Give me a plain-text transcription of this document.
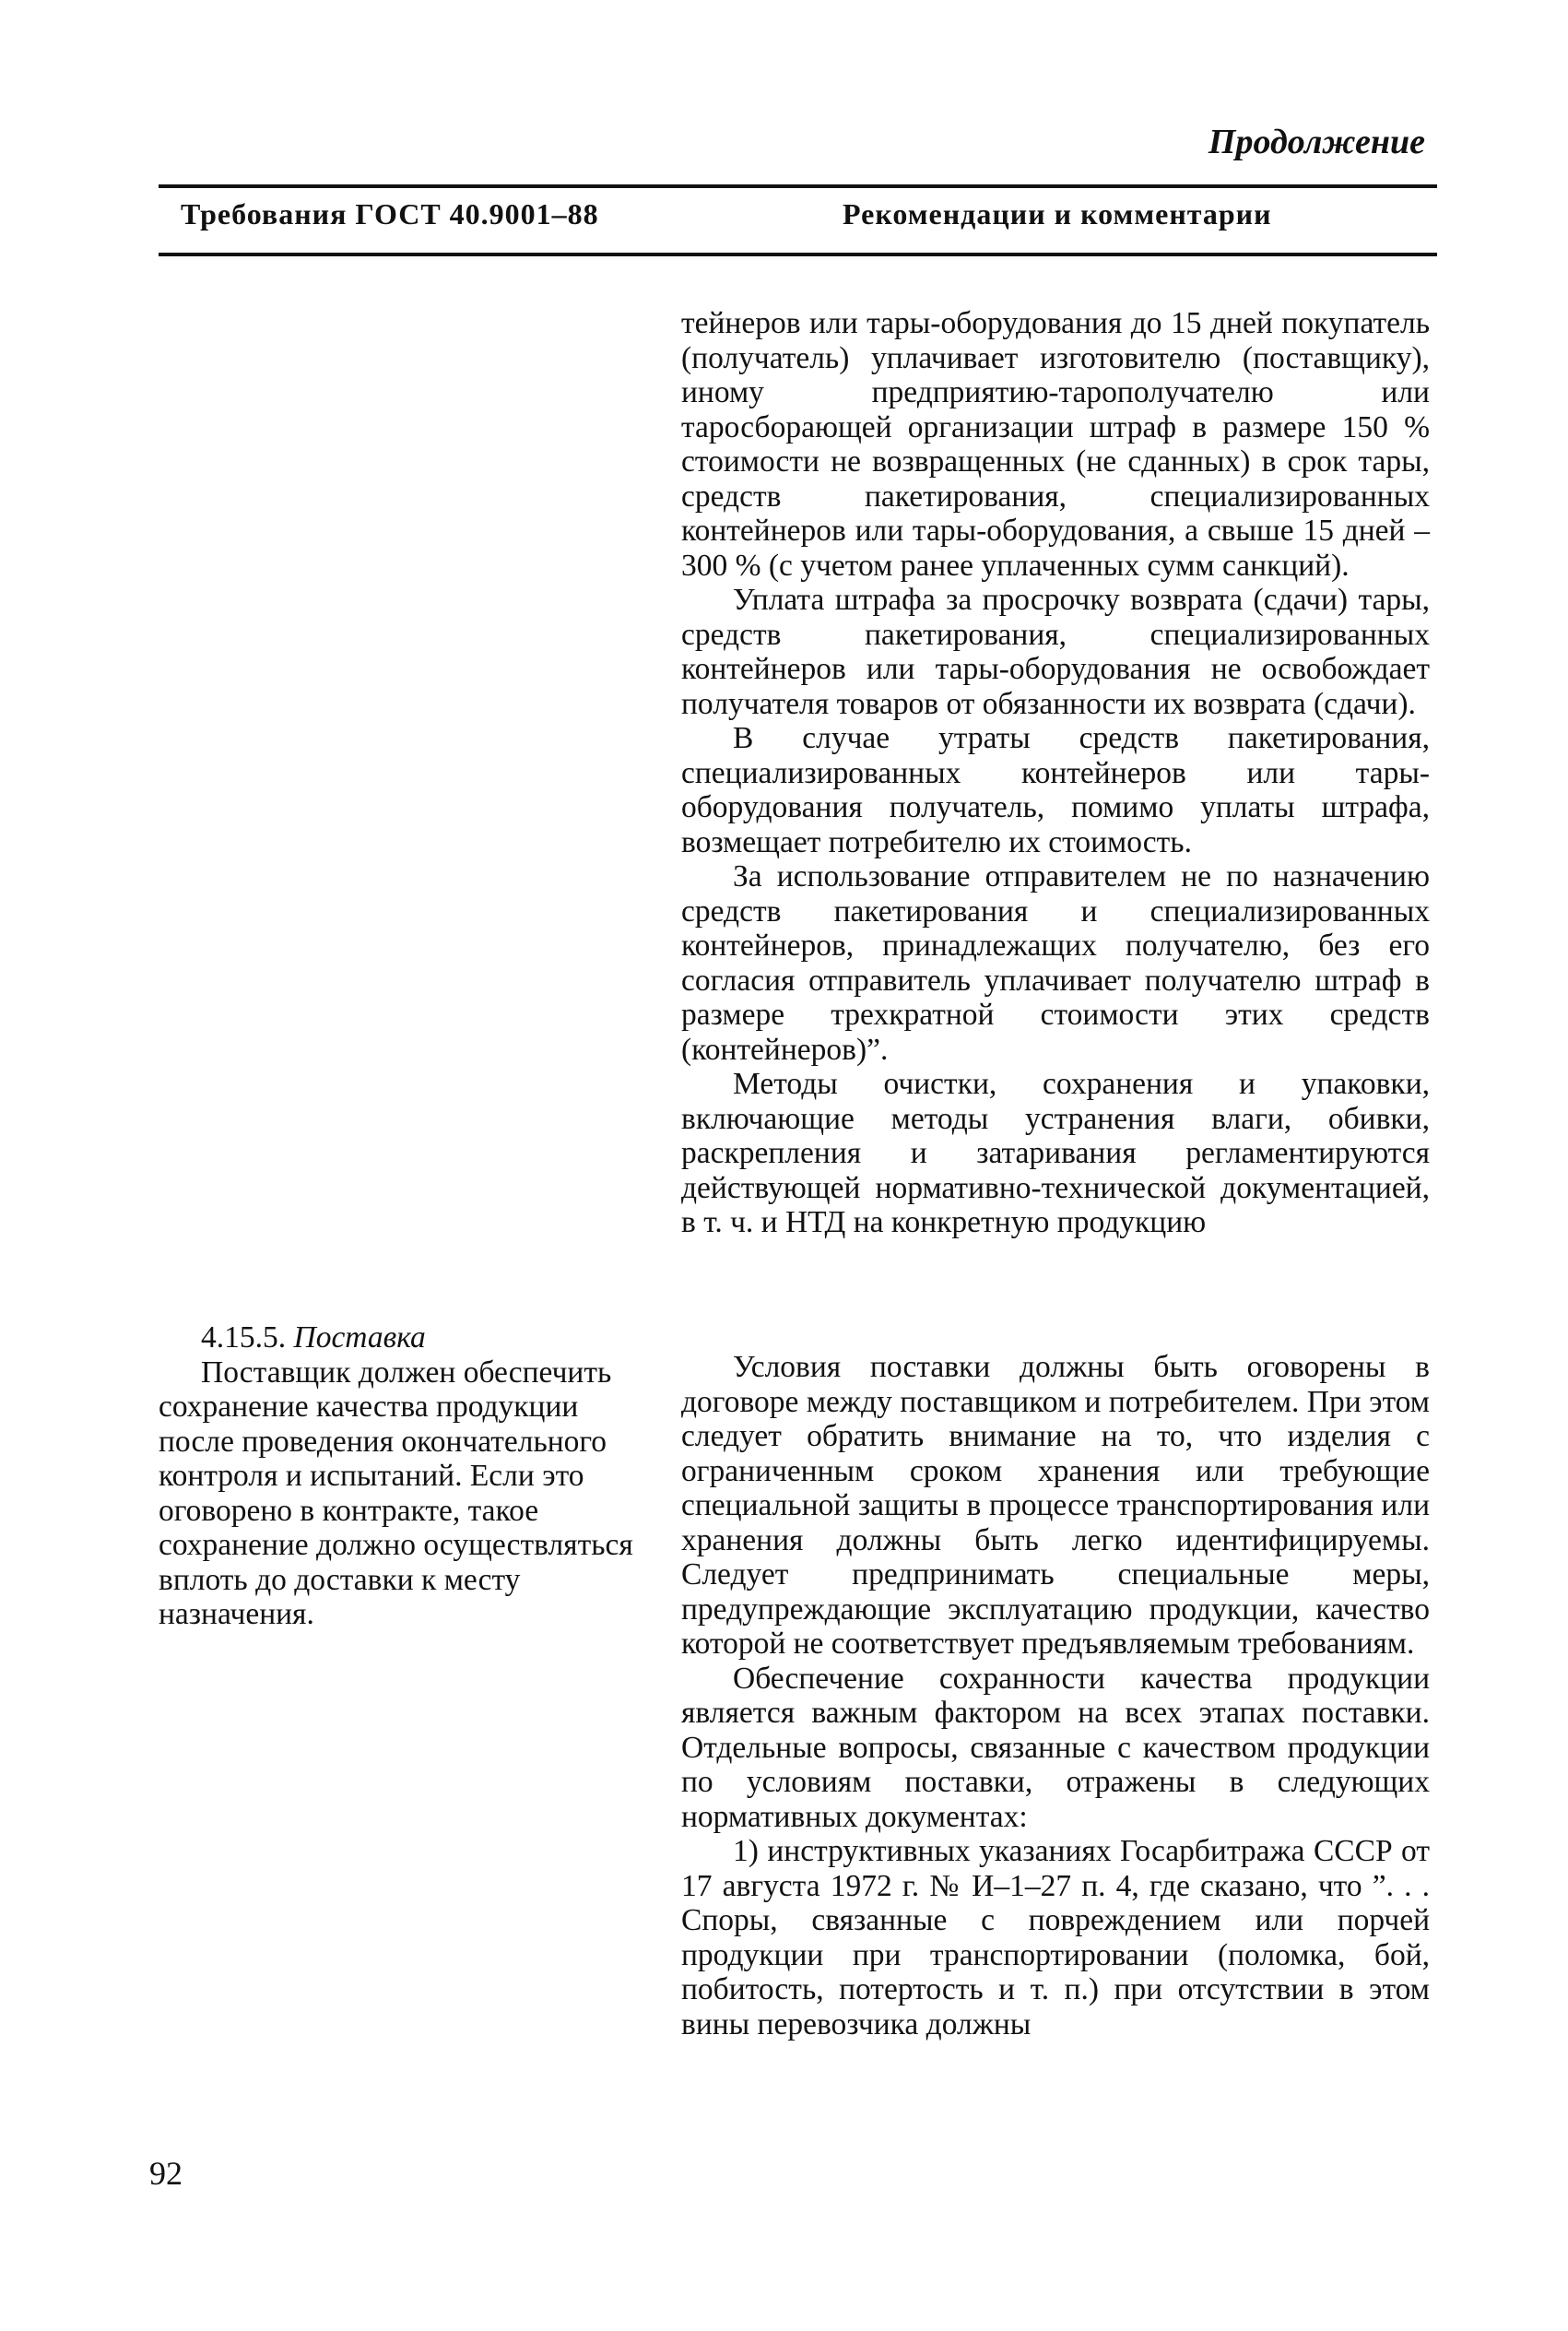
Продолжение
Требования ГОСТ 40.9001–88	Рекомендации и комментарии

тейнеров или тары-оборудования до 15 дней покупатель (получатель) уплачивает изготовителю (поставщику), иному предприятию-тарополучателю или таросборающей организации штраф в размере 150 % стоимости не возвращенных (не сданных) в срок тары, средств пакетирования, специализированных контейнеров или тары-оборудования, а свыше 15 дней – 300 % (с учетом ранее уплаченных сумм санкций).

Уплата штрафа за просрочку возврата (сдачи) тары, средств пакетирования, специализированных контейнеров или тары-оборудования не освобождает получателя товаров от обязанности их возврата (сдачи).

В случае утраты средств пакетирования, специализированных контейнеров или тары-оборудования получатель, помимо уплаты штрафа, возмещает потребителю их стоимость.

За использование отправителем не по назначению средств пакетирования и специализированных контейнеров, принадлежащих получателю, без его согласия отправитель уплачивает получателю штраф в размере трехкратной стоимости этих средств (контейнеров)”.

Методы очистки, сохранения и упаковки, включающие методы устранения влаги, обивки, раскрепления и затаривания регламентируются действующей нормативно-технической документацией, в т. ч. и НТД на конкретную продукцию

4.15.5. Поставка

Поставщик должен обеспечить сохранение качества продукции после проведения окончательного контроля и испытаний. Если это оговорено в контракте, такое сохранение должно осуществляться вплоть до доставки к месту назначения.

Условия поставки должны быть оговорены в договоре между поставщиком и потребителем. При этом следует обратить внимание на то, что изделия с ограниченным сроком хранения или требующие специальной защиты в процессе транспортирования или хранения должны быть легко идентифицируемы. Следует предпринимать специальные меры, предупреждающие эксплуатацию продукции, качество которой не соответствует предъявляемым требованиям.

Обеспечение сохранности качества продукции является важным фактором на всех этапах поставки. Отдельные вопросы, связанные с качеством продукции по условиям поставки, отражены в следующих нормативных документах:

1) инструктивных указаниях Госарбитража СССР от 17 августа 1972 г. № И–1–27 п. 4, где сказано, что ”. . . Споры, связанные с повреждением или порчей продукции при транспортировании (поломка, бой, побитость, потертость и т. п.) при отсутствии в этом вины перевозчика должны

92
